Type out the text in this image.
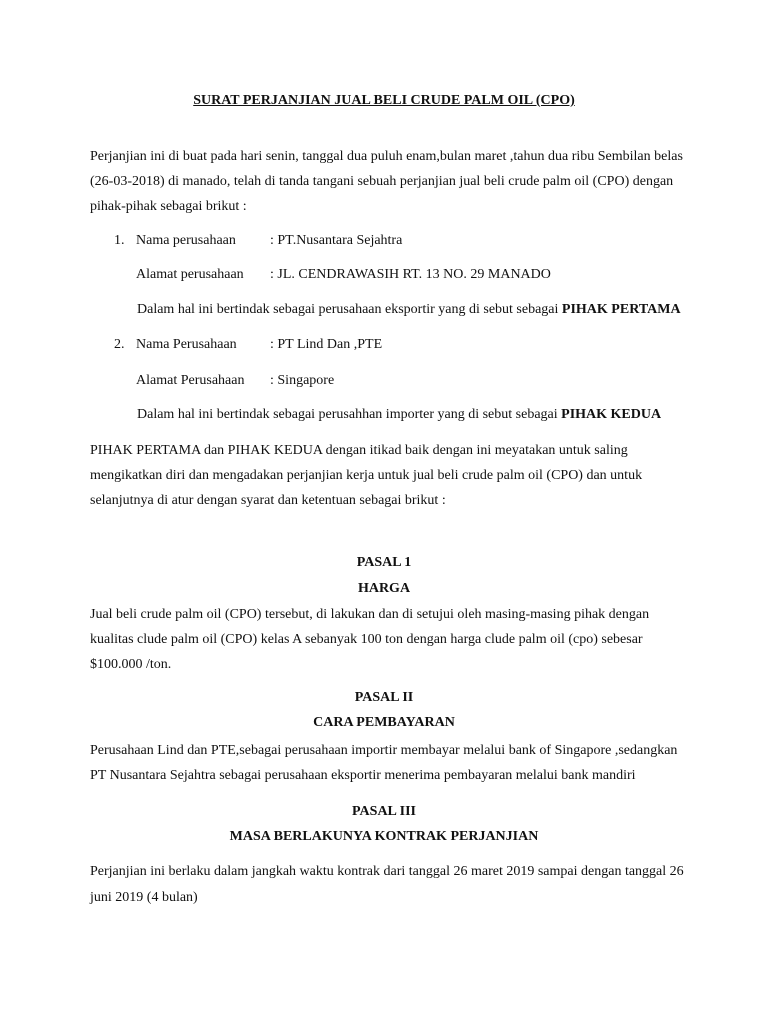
SURAT PERJANJIAN JUAL BELI CRUDE PALM OIL (CPO)
Perjanjian ini di buat pada hari senin, tanggal dua puluh enam,bulan maret ,tahun dua ribu Sembilan belas
(26-03-2018) di manado, telah di tanda tangani sebuah perjanjian jual beli crude palm oil (CPO) dengan
pihak-pihak sebagai brikut :
1. Nama perusahaan : PT.Nusantara Sejahtra
Alamat perusahaan : JL. CENDRAWASIH RT. 13 NO. 29 MANADO
Dalam hal ini bertindak sebagai perusahaan eksportir yang di sebut sebagai PIHAK PERTAMA
2. Nama Perusahaan : PT Lind Dan ,PTE
Alamat Perusahaan : Singapore
Dalam hal ini bertindak sebagai perusahhan importer yang di sebut sebagai PIHAK KEDUA
PIHAK PERTAMA dan PIHAK KEDUA dengan itikad baik dengan ini meyatakan untuk saling
mengikatkan diri dan mengadakan perjanjian kerja untuk jual beli crude palm oil (CPO) dan untuk
selanjutnya di atur dengan syarat dan ketentuan sebagai brikut :
PASAL 1
HARGA
Jual beli crude palm oil (CPO) tersebut, di lakukan dan di setujui oleh masing-masing pihak dengan
kualitas clude palm oil (CPO) kelas A sebanyak 100 ton dengan harga clude palm oil (cpo) sebesar
$100.000 /ton.
PASAL II
CARA PEMBAYARAN
Perusahaan Lind dan PTE,sebagai perusahaan importir membayar melalui bank of Singapore ,sedangkan
PT Nusantara Sejahtra sebagai perusahaan eksportir menerima pembayaran melalui bank mandiri
PASAL III
MASA BERLAKUNYA KONTRAK PERJANJIAN
Perjanjian ini berlaku dalam jangkah waktu kontrak dari tanggal 26 maret 2019 sampai dengan tanggal 26
juni 2019 (4 bulan)
